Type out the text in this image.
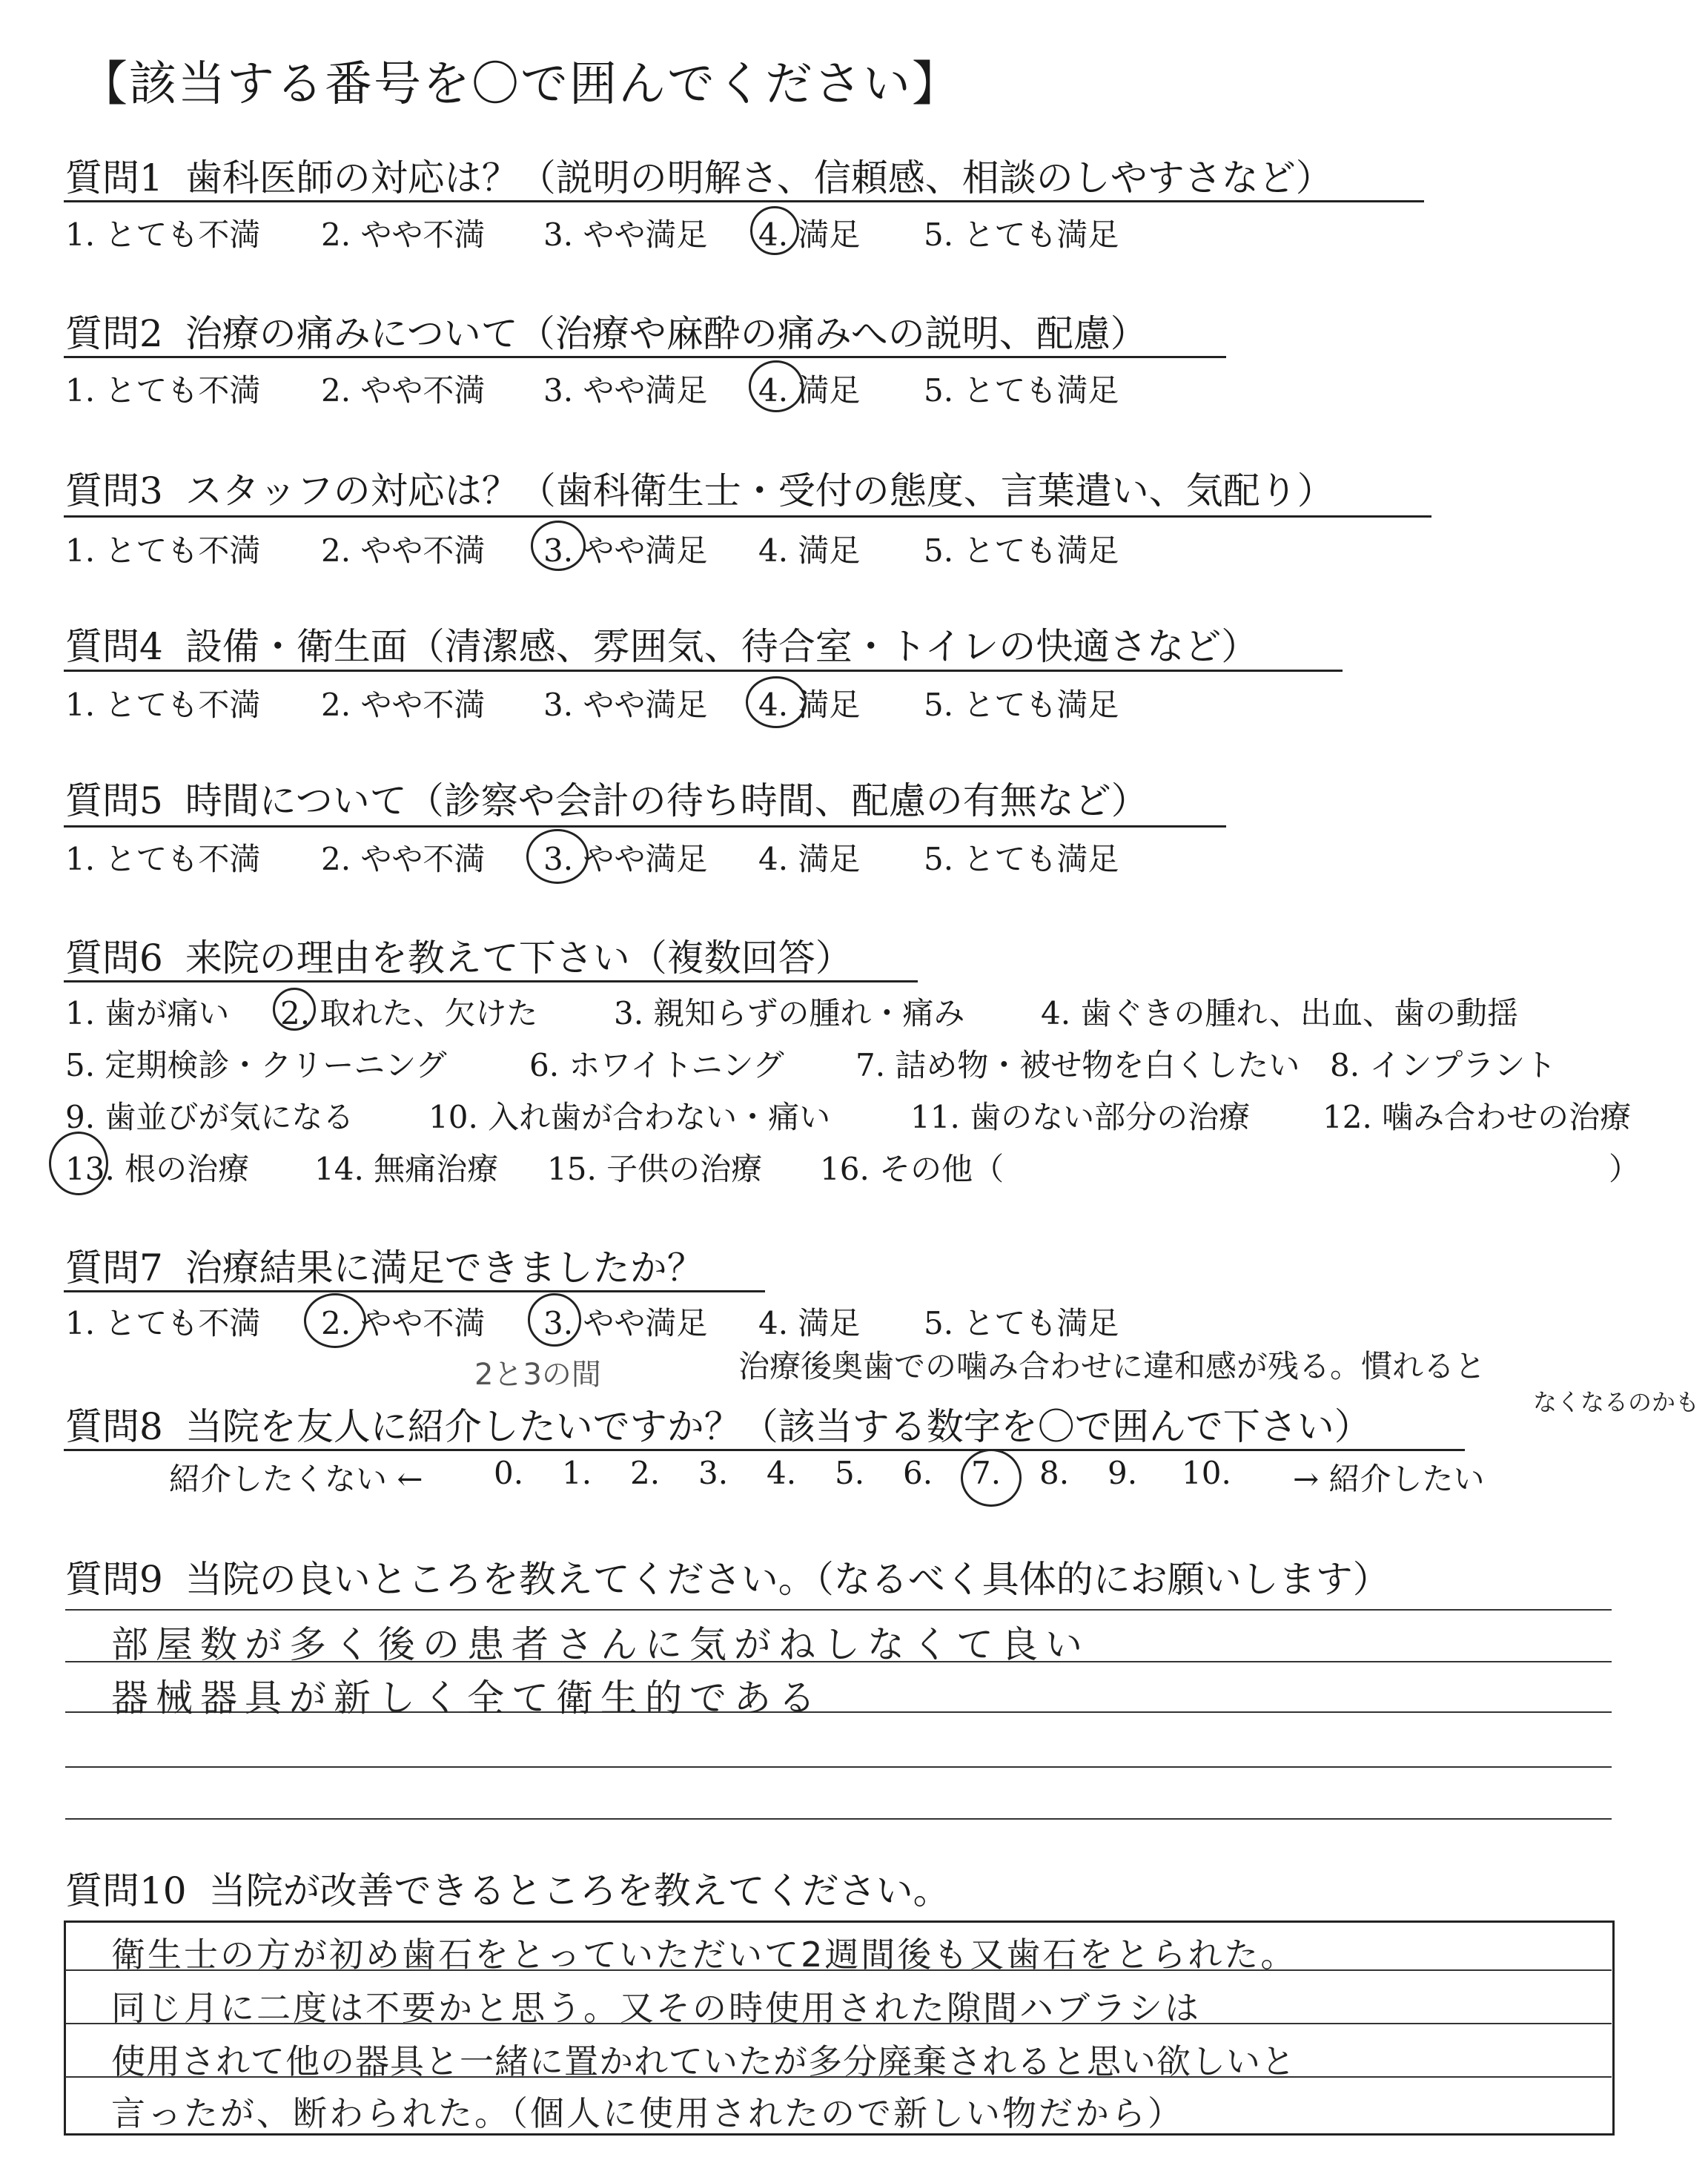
【該当する番号を〇で囲んでください】
質問1 歯科医師の対応は？（説明の明解さ、信頼感、相談のしやすさなど）
1. とても不満 2. やや不満 3. やや満足 4. 満足 5. とても満足
質問2 治療の痛みについて（治療や麻酔の痛みへの説明、配慮）
1. とても不満 2. やや不満 3. やや満足 4. 満足 5. とても満足
質問3 スタッフの対応は？（歯科衛生士・受付の態度、言葉遣い、気配り）
1. とても不満 2. やや不満 3. やや満足 4. 満足 5. とても満足
質問4 設備・衛生面（清潔感、雰囲気、待合室・トイレの快適さなど）
1. とても不満 2. やや不満 3. やや満足 4. 満足 5. とても満足
質問5 時間について（診察や会計の待ち時間、配慮の有無など）
1. とても不満 2. やや不満 3. やや満足 4. 満足 5. とても満足
質問6 来院の理由を教えて下さい（複数回答）
1. 歯が痛い 2. 取れた、欠けた 3. 親知らずの腫れ・痛み 4. 歯ぐきの腫れ、出血、歯の動揺
5. 定期検診・クリーニング	6. ホワイトニング 7. 詰め物・被せ物を白くしたい 8. インプラント
9. 歯並びが気になる 10. 入れ歯が合わない・痛い	11. 歯のない部分の治療 12. 噛み合わせの治療
13. 根の治療 14. 無痛治療 15. 子供の治療 16. その他（	）
質問7 治療結果に満足できましたか？
1. とても不満 2. やや不満 3. やや満足 4. 満足 5. とても満足
2と3の間	治療後奥歯での噛み合わせに違和感が残る。慣れると
なくなるのかも
質問8 当院を友人に紹介したいですか？（該当する数字を〇で囲んで下さい）
紹介したくない ← 0. 1. 2. 3. 4. 5. 6. 7. 8. 9. 10. → 紹介したい
質問9 当院の良いところを教えてください。（なるべく具体的にお願いします）
部屋数が多く後の患者さんに気がねしなくて良い
器械器具が新しく全て衛生的である
質問10 当院が改善できるところを教えてください。
衛生士の方が初め歯石をとっていただいて2週間後も又歯石をとられた。
同じ月に二度は不要かと思う。又その時使用された隙間ハブラシは
使用されて他の器具と一緒に置かれていたが多分廃棄されると思い欲しいと
言ったが、断わられた。（個人に使用されたので新しい物だから）
